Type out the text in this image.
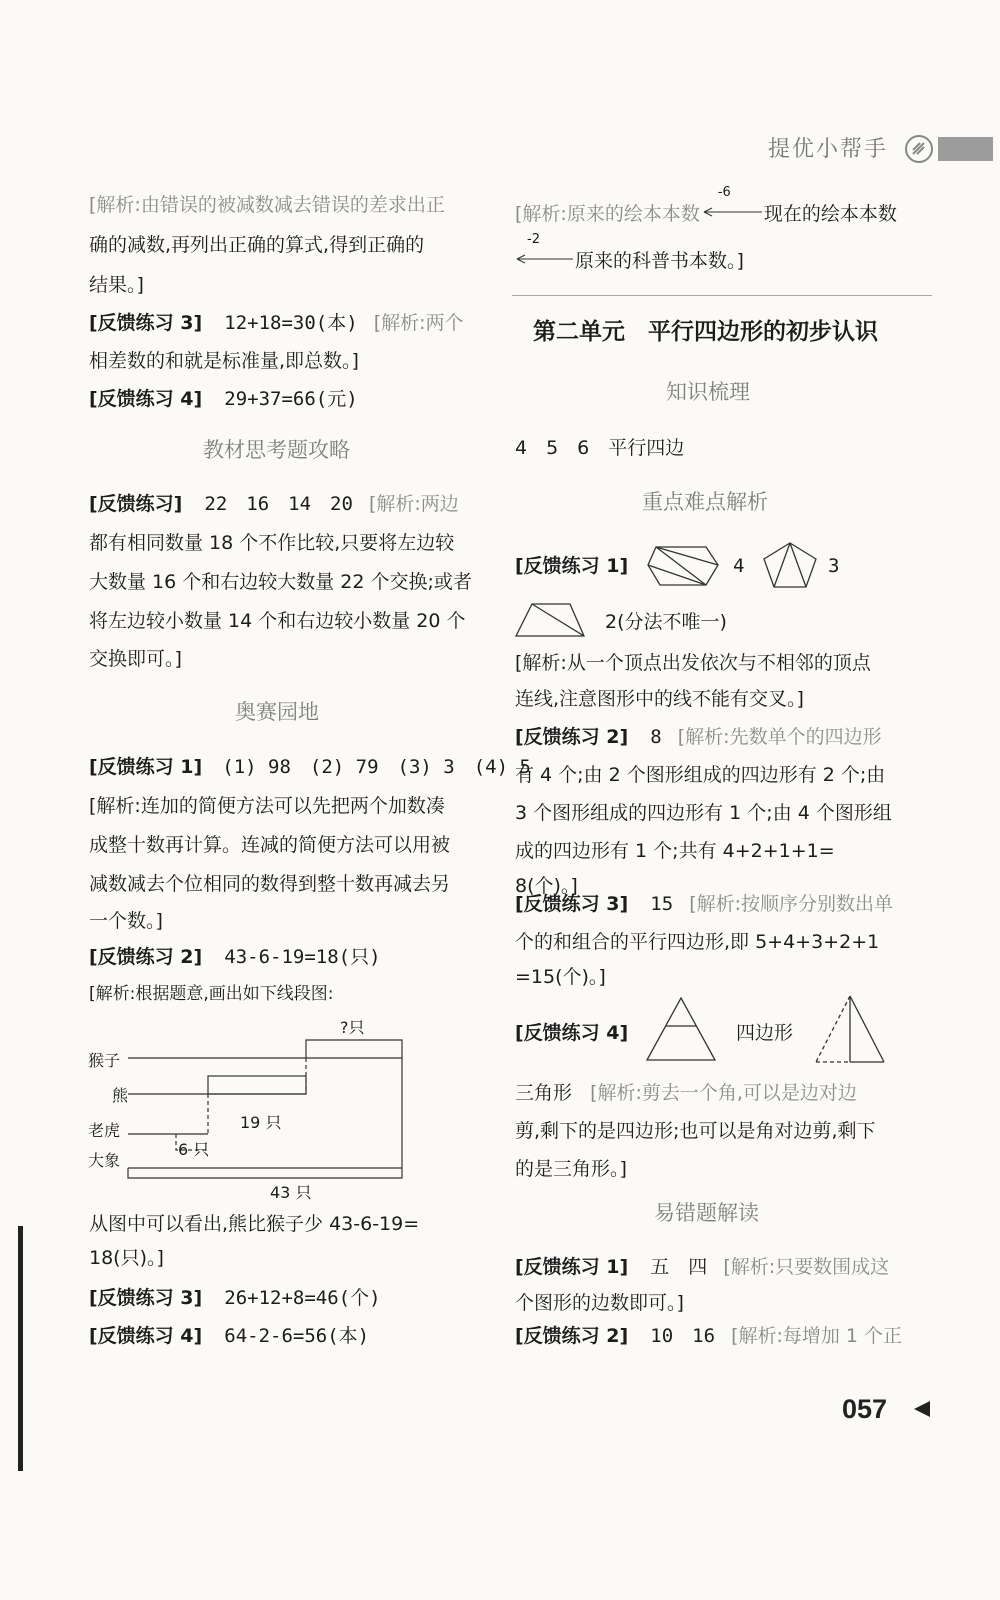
提优小帮手

[解析:由错误的被减数减去错误的差求出正

确的减数,再列出正确的算式,得到正确的

结果。]

[反馈练习 3] 12+18=30(本) [解析:两个

相差数的和就是标准量,即总数。]

[反馈练习 4] 29+37=66(元)

教材思考题攻略

[反馈练习] 22　16　14　20 [解析:两边

都有相同数量 18 个不作比较,只要将左边较

大数量 16 个和右边较大数量 22 个交换;或者

将左边较小数量 14 个和右边较小数量 20 个

交换即可。]

奥赛园地

[反馈练习 1] (1) 98　(2) 79　(3) 3　(4) 5

[解析:连加的简便方法可以先把两个加数凑

成整十数再计算。连减的简便方法可以用被

减数减去个位相同的数得到整十数再减去另

一个数。]

[反馈练习 2] 43-6-19=18(只)

[解析:根据题意,画出如下线段图:

?只
猴子
熊
19 只
老虎
6 只
大象
43 只

从图中可以看出,熊比猴子少 43-6-19=

18(只)。]

[反馈练习 3] 26+12+8=46(个)

[反馈练习 4] 64-2-6=56(本)

[解析:原来的绘本本数
-6
现在的绘本本数

-2
原来的科普书本数。]

第二单元　平行四边形的初步认识
知识梳理

4　5　6　平行四边

重点难点解析
[反馈练习 1]	4	3
2(分法不唯一)

[解析:从一个顶点出发依次与不相邻的顶点

连线,注意图形中的线不能有交叉。]

[反馈练习 2] 8 [解析:先数单个的四边形

有 4 个;由 2 个图形组成的四边形有 2 个;由

3 个图形组成的四边形有 1 个;由 4 个图形组

成的四边形有 1 个;共有 4+2+1+1=

8(个)。]

[反馈练习 3] 15 [解析:按顺序分别数出单

个的和组合的平行四边形,即 5+4+3+2+1

=15(个)。]

[反馈练习 4]	四边形

三角形 [解析:剪去一个角,可以是边对边

剪,剩下的是四边形;也可以是角对边剪,剩下

的是三角形。]

易错题解读

[反馈练习 1] 五　四 [解析:只要数围成这

个图形的边数即可。]

[反馈练习 2] 10　16 [解析:每增加 1 个正

057
